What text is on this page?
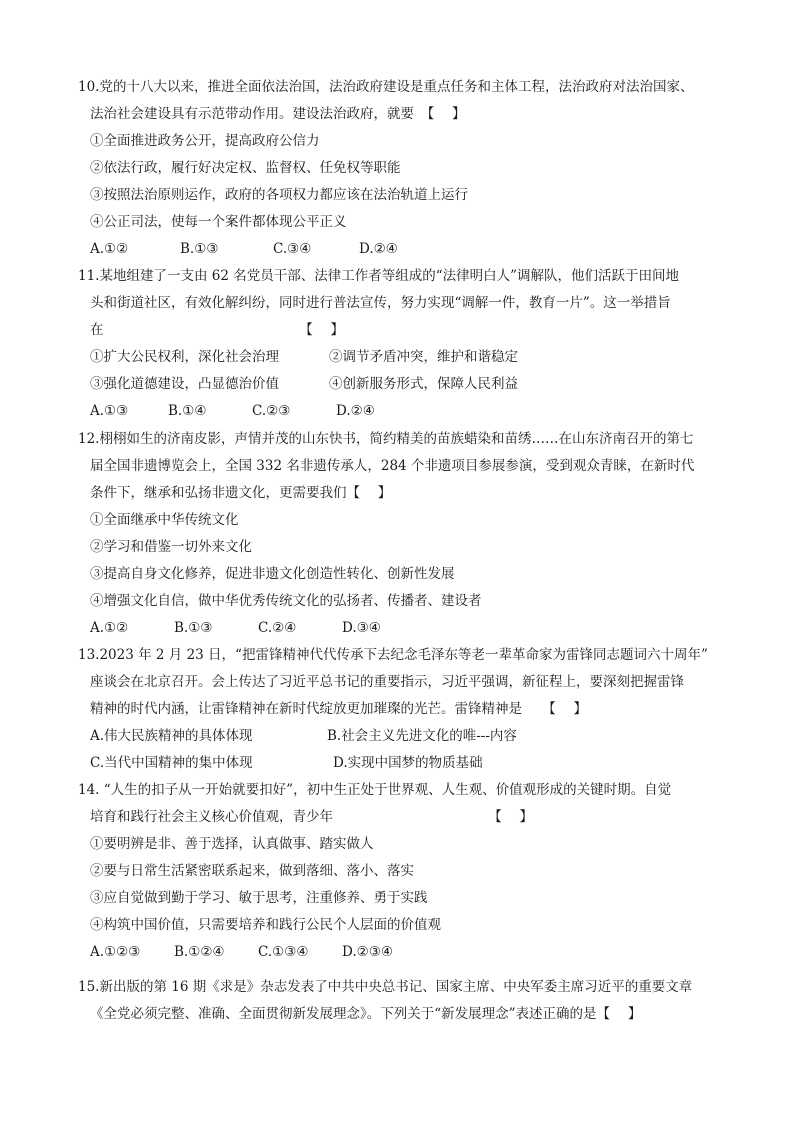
10.党的十八大以来，推进全面依法治国，法治政府建设是重点任务和主体工程，法治政府对法治国家、
法治社会建设具有示范带动作用。建设法治政府，就要　【　 】
①全面推进政务公开，提高政府公信力
②依法行政，履行好决定权、监督权、任免权等职能
③按照法治原则运作，政府的各项权力都应该在法治轨道上运行
④公正司法，使每一个案件都体现公平正义
A.①②	B.①③	C.③④	D.②④
11.某地组建了一支由 62 名党员干部、法律工作者等组成的“法律明白人”调解队，他们活跃于田间地
头和街道社区，有效化解纠纷，同时进行普法宣传，努力实现“调解一件，教育一片”。这一举措旨
在　　　　　　　　　　　　　　　【　 】
①扩大公民权利，深化社会治理	②调节矛盾冲突，维护和谐稳定
③强化道德建设，凸显德治价值	④创新服务形式，保障人民利益
A.①③	B.①④	C.②③	D.②④
12.栩栩如生的济南皮影，声情并茂的山东快书，简约精美的苗族蜡染和苗绣……在山东济南召开的第七
届全国非遗博览会上，全国 332 名非遗传承人，284 个非遗项目参展参演，受到观众青睐，在新时代
条件下，继承和弘扬非遗文化，更需要我们【　 】
①全面继承中华传统文化
②学习和借鉴一切外来文化
③提高自身文化修养，促进非遗文化创造性转化、创新性发展
④增强文化自信，做中华优秀传统文化的弘扬者、传播者、建设者
A.①②	B.①③	C.②④	D.③④
13.2023 年 2 月 23 日，“把雷锋精神代代传承下去纪念毛泽东等老一辈革命家为雷锋同志题词六十周年”
座谈会在北京召开。会上传达了习近平总书记的重要指示，习近平强调，新征程上，要深刻把握雷锋
精神的时代内涵，让雷锋精神在新时代绽放更加璀璨的光芒。雷锋精神是　　【　 】
A.伟大民族精神的具体体现	B.社会主义先进文化的唯---内容
C.当代中国精神的集中体现	D.实现中国梦的物质基础
14. “人生的扣子从一开始就要扣好”，初中生正处于世界观、人生观、价值观形成的关键时期。自觉
培育和践行社会主义核心价值观，青少年　　　　　　　　　　　　【　 】
①要明辨是非、善于选择，认真做事、踏实做人
②要与日常生活紧密联系起来，做到落细、落小、落实
③应自觉做到勤于学习、敏于思考，注重修养、勇于实践
④构筑中国价值，只需要培养和践行公民个人层面的价值观
A.①②③	B.①②④	C.①③④	D.②③④
15.新出版的第 16 期《求是》杂志发表了中共中央总书记、国家主席、中央军委主席习近平的重要文章
《全党必须完整、准确、全面贯彻新发展理念》。下列关于“新发展理念”表述正确的是【　 】
